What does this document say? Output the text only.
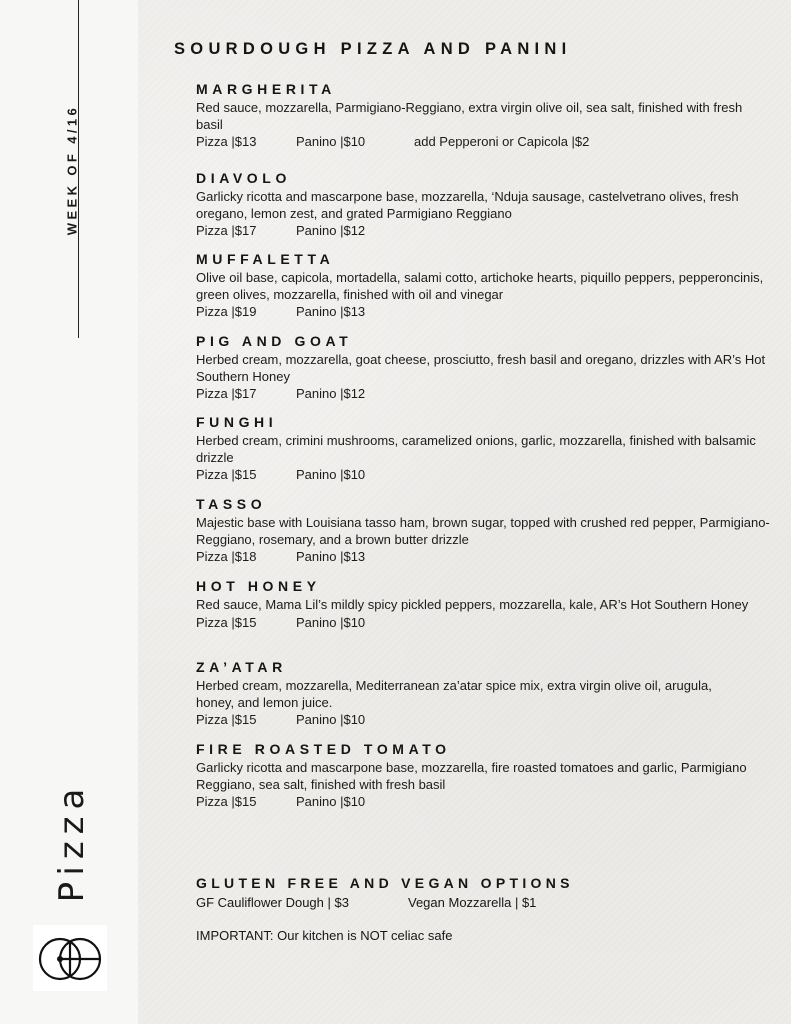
WEEK OF 4/16
Pizza
SOURDOUGH PIZZA AND PANINI
MARGHERITA
Red sauce, mozzarella, Parmigiano-Reggiano, extra virgin olive oil, sea salt, finished with fresh basil
Pizza |$13	Panino |$10	add Pepperoni or Capicola |$2
DIAVOLO
Garlicky ricotta and mascarpone base, mozzarella, ‘Nduja sausage, castelvetrano olives, fresh oregano, lemon zest, and grated Parmigiano Reggiano
Pizza |$17	Panino |$12
MUFFALETTA
Olive oil base, capicola, mortadella, salami cotto, artichoke hearts, piquillo peppers, pepperoncinis, green olives, mozzarella, finished with oil and vinegar
Pizza |$19	Panino |$13
PIG AND GOAT
Herbed cream, mozzarella, goat cheese, prosciutto, fresh basil and oregano, drizzles with AR’s Hot Southern Honey
Pizza |$17	Panino |$12
FUNGHI
Herbed cream, crimini mushrooms, caramelized onions, garlic, mozzarella, finished with balsamic drizzle
Pizza |$15	Panino |$10
TASSO
Majestic base with Louisiana tasso ham, brown sugar, topped with crushed red pepper, Parmigiano-Reggiano, rosemary, and a brown butter drizzle
Pizza |$18	Panino |$13
HOT HONEY
Red sauce, Mama Lil’s mildly spicy pickled peppers, mozzarella, kale, AR’s Hot Southern Honey
Pizza |$15	Panino |$10
ZA’ATAR
Herbed cream, mozzarella, Mediterranean za’atar spice mix, extra virgin olive oil, arugula, honey, and lemon juice.
Pizza |$15	Panino |$10
FIRE ROASTED TOMATO
Garlicky ricotta and mascarpone base, mozzarella, fire roasted tomatoes and garlic, Parmigiano Reggiano, sea salt, finished with fresh basil
Pizza |$15	Panino |$10
GLUTEN FREE AND VEGAN OPTIONS
GF Cauliflower Dough | $3	Vegan Mozzarella | $1
IMPORTANT: Our kitchen is NOT celiac safe
